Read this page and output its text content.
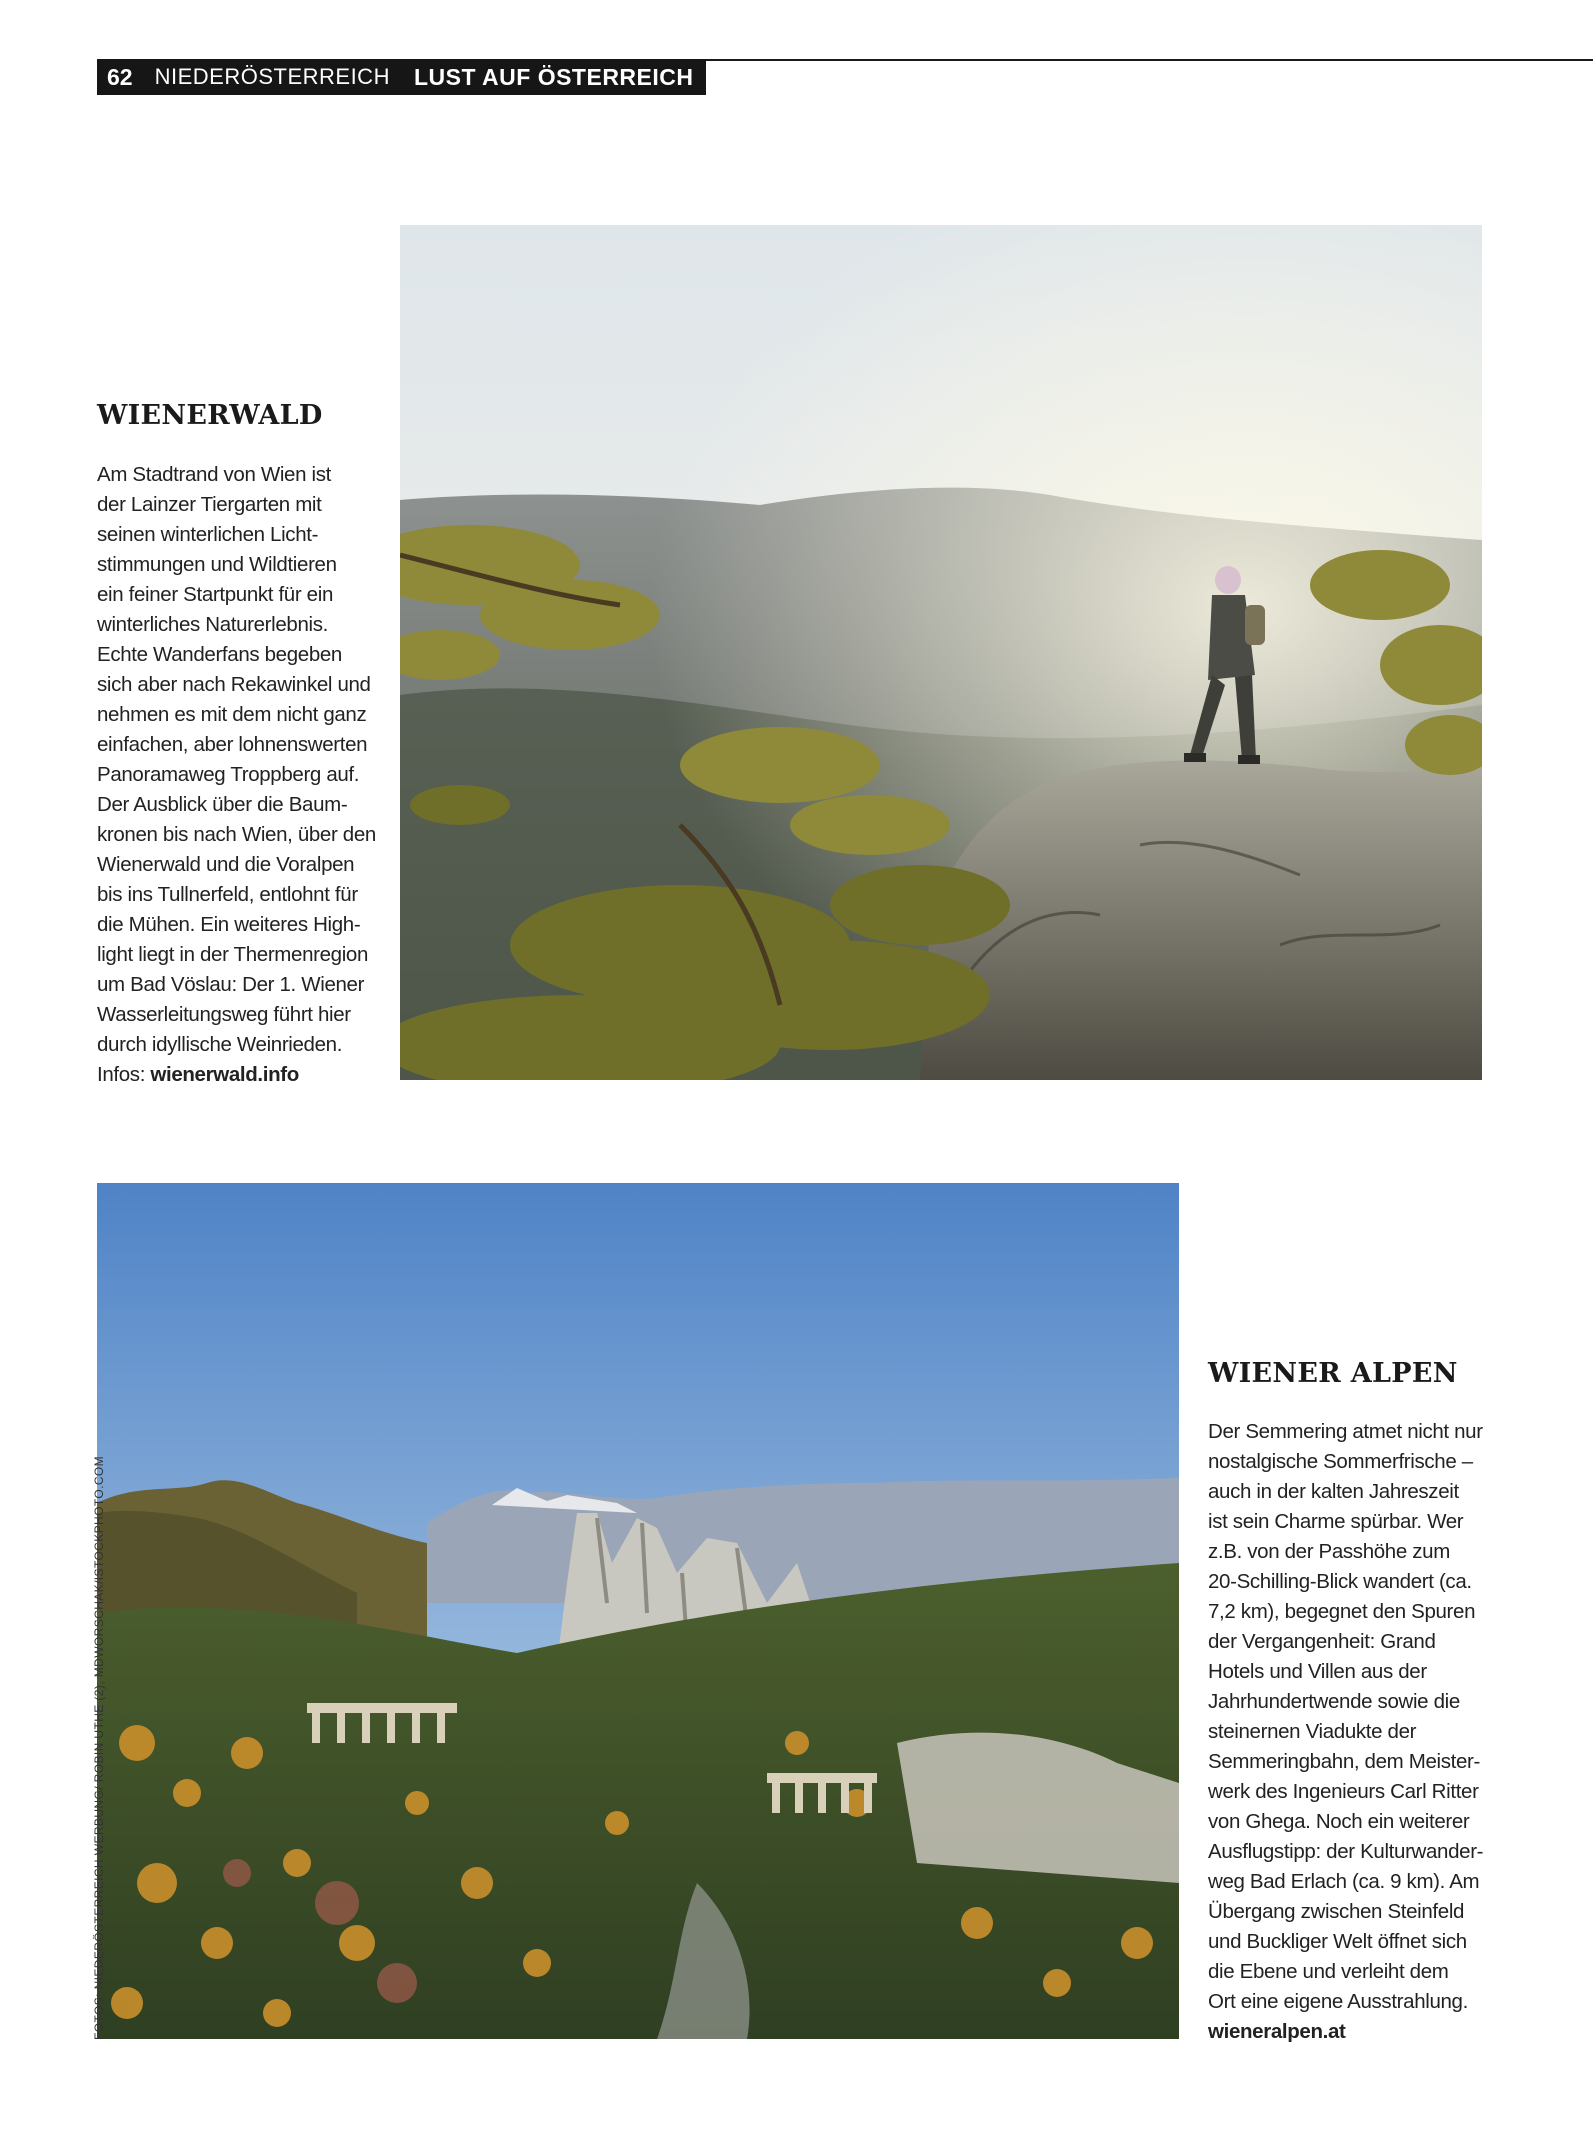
62 NIEDERÖSTERREICH LUST AUF ÖSTERREICH
WIENERWALD
Am Stadtrand von Wien ist
der Lainzer Tiergarten mit
seinen winterlichen Licht-
stimmungen und Wildtieren
ein feiner Startpunkt für ein
winterliches Naturerlebnis.
Echte Wanderfans begeben
sich aber nach Rekawinkel und
nehmen es mit dem nicht ganz
einfachen, aber lohnenswerten
Panoramaweg Troppberg auf.
Der Ausblick über die Baum-
kronen bis nach Wien, über den
Wienerwald und die Voralpen
bis ins Tullnerfeld, entlohnt für
die Mühen. Ein weiteres High-
light liegt in der Thermenregion
um Bad Vöslau: Der 1. Wiener
Wasserleitungsweg führt hier
durch idyllische Weinrieden.
Infos: wienerwald.info
WIENER ALPEN
Der Semmering atmet nicht nur
nostalgische Sommerfrische –
auch in der kalten Jahreszeit
ist sein Charme spürbar. Wer
z.B. von der Passhöhe zum
20-Schilling-Blick wandert (ca.
7,2 km), begegnet den Spuren
der Vergangenheit: Grand
Hotels und Villen aus der
Jahrhundertwende sowie die
steinernen Viadukte der
Semmeringbahn, dem Meister-
werk des Ingenieurs Carl Ritter
von Ghega. Noch ein weiterer
Ausflugstipp: der Kulturwander-
weg Bad Erlach (ca. 9 km). Am
Übergang zwischen Steinfeld
und Buckliger Welt öffnet sich
die Ebene und verleiht dem
Ort eine eigene Ausstrahlung.
wieneralpen.at
FOTOS: NIEDERÖSTERREICH WERBUNG/ ROBIN UTHE (2), MDWORSCHAK/ISTOCKPHOTO.COM
